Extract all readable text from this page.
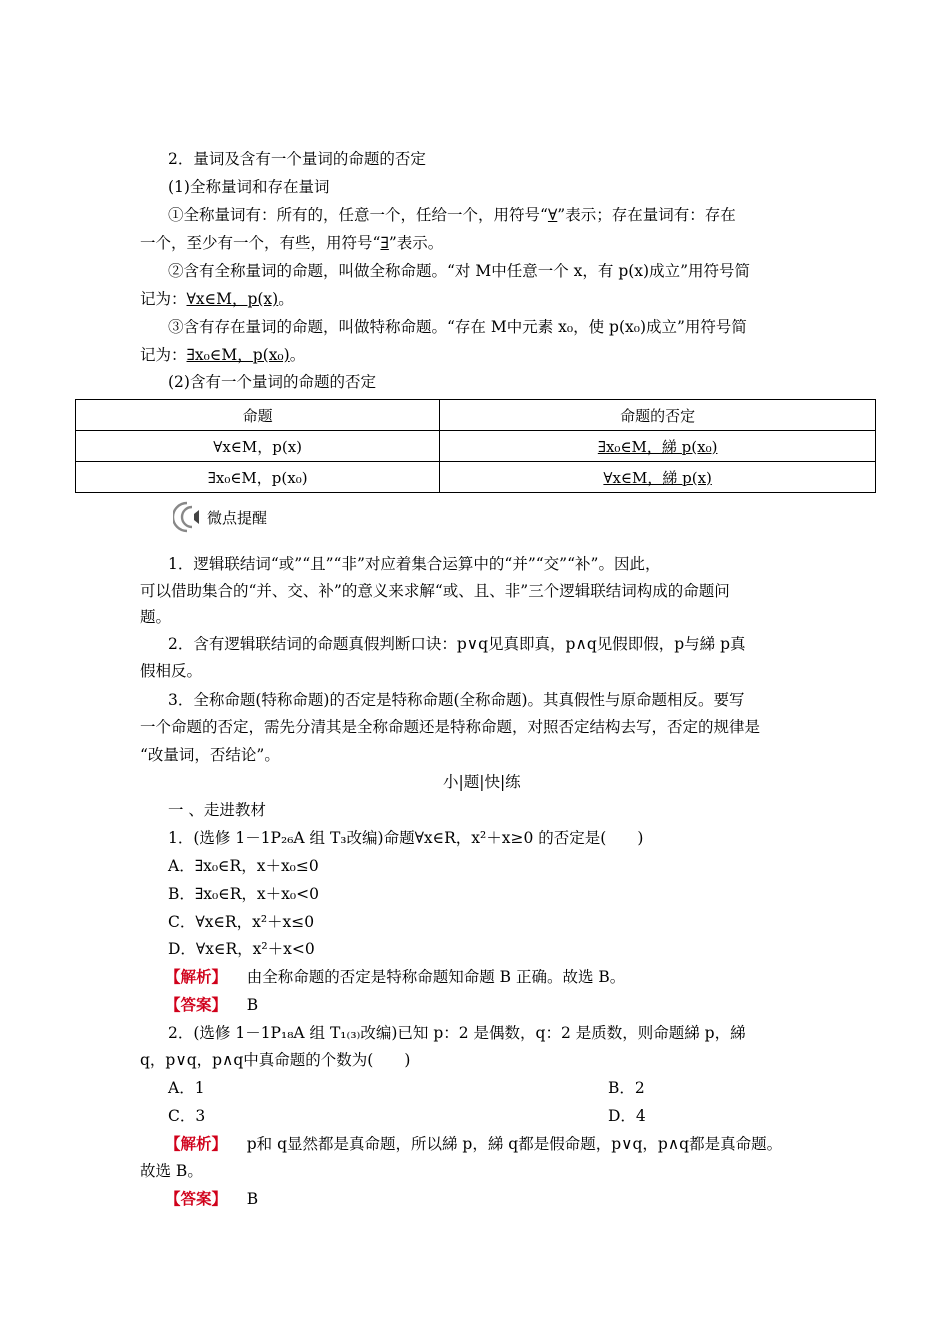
2．量词及含有一个量词的命题的否定
(1)全称量词和存在量词
①全称量词有：所有的，任意一个，任给一个，用符号“∀”表示；存在量词有：存在
一个，至少有一个，有些，用符号“∃”表示。
②含有全称量词的命题，叫做全称命题。“对 M中任意一个 x，有 p(x)成立”用符号简
记为：∀x∈M，p(x)。
③含有存在量词的命题，叫做特称命题。“存在 M中元素 x₀，使 p(x₀)成立”用符号简
记为：∃x₀∈M，p(x₀)。
(2)含有一个量词的命题的否定
命题	命题的否定
∀x∈M，p(x)	∃x₀∈M，綈 p(x₀)
∃x₀∈M，p(x₀)	∀x∈M，綈 p(x)
微点提醒
1．逻辑联结词“或”“且”“非”对应着集合运算中的“并”“交”“补”。因此，
可以借助集合的“并、交、补”的意义来求解“或、且、非”三个逻辑联结词构成的命题问
题。
2．含有逻辑联结词的命题真假判断口诀：p∨q见真即真，p∧q见假即假，p与綈 p真
假相反。
3．全称命题(特称命题)的否定是特称命题(全称命题)。其真假性与原命题相反。要写
一个命题的否定，需先分清其是全称命题还是特称命题，对照否定结构去写，否定的规律是
“改量词，否结论”。
小|题|快|练
一 、走进教材
1．(选修 1－1P₂₆A 组 T₃改编)命题∀x∈R，x²＋x≥0 的否定是(　　)
A．∃x₀∈R，x＋x₀≤0
B．∃x₀∈R，x＋x₀<0
C．∀x∈R，x²＋x≤0
D．∀x∈R，x²＋x<0
【解析】 由全称命题的否定是特称命题知命题 B 正确。故选 B。
【答案】 B
2．(选修 1－1P₁₈A 组 T₁₍₃₎改编)已知 p：2 是偶数，q：2 是质数，则命题綈 p，綈
q，p∨q，p∧q中真命题的个数为(　　)
A．1	B．2
C．3	D．4
【解析】 p和 q显然都是真命题，所以綈 p，綈 q都是假命题，p∨q，p∧q都是真命题。
故选 B。
【答案】 B
